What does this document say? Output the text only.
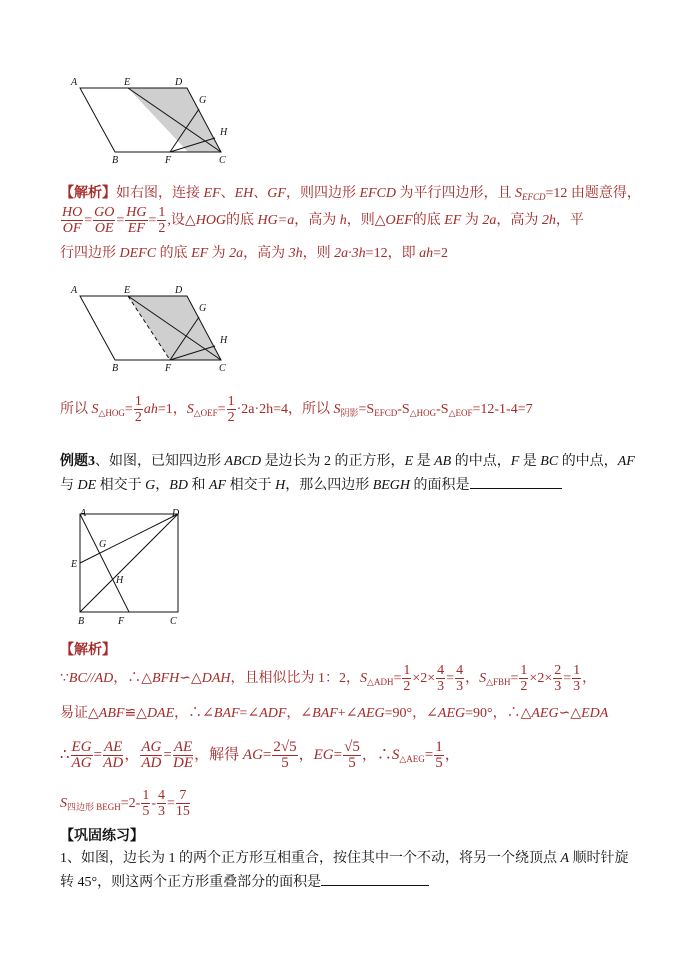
A	E	D
G
H
B	F	C
【解析】如右图，连接 EF、EH、GF，则四边形 EFCD 为平行四边形，且 $S_{EFCD}=12$ 由题意得，
$\frac{HO}{OF} = \frac{GO}{OE} = \frac{HG}{EF} = \frac{1}{2}$ ,设△HOG的底 HG=a，高为 h，则△OEF的底 EF 为 2a，高为 2h，平
行四边形 DEFC 的底 EF 为 2a，高为 3h，则 2a·3h=12，即 ah=2
A	E	D
G
H
B	F	C
所以 $S_{\triangle HOG}= \frac{1}{2} ah=1$，$S_{\triangle OEF}= \frac{1}{2} \cdot 2a\cdot 2h=4$，所以 $S_{阴影}=S_{EFCD}-S_{\triangle HOG}-S_{\triangle EOF}=12-1-4=7$
例题3、如图，已知四边形 ABCD 是边长为 2 的正方形，E 是 AB 的中点，F 是 BC 的中点，AF
与 DE 相交于 G，BD 和 AF 相交于 H，那么四边形 BEGH 的面积是
A	D
G
E
H
B	F	C
【解析】
∵BC//AD，∴△BFH∽△DAH，且相似比为 1：2，$S_{\triangle ADH}= \frac{1}{2} \times 2\times \frac{4}{3} = \frac{4}{3}$ ，$S_{\triangle FBH}= \frac{1}{2} \times 2\times \frac{2}{3} = \frac{1}{3}$ ，
易证△ABF≌△DAE，∴∠BAF=∠ADF，∠BAF+∠AEG=90°，∠AEG=90°，∴△AEG∽△EDA
∴ $\frac{EG}{AG} = \frac{AE}{AD}$ ， $\frac{AG}{AD} = \frac{AE}{DE}$ ，解得 $AG= \frac{2√5}{5}$ ，$EG= \frac{√5}{5}$ ，$\therefore S_{\triangle AEG}= \frac{1}{5}$ ，
$S_{四边形 BEGH}=2- \frac{1}{5} - \frac{4}{3} = \frac{7}{15}$
【巩固练习】
1、如图，边长为 1 的两个正方形互相重合，按住其中一个不动，将另一个绕顶点 A 顺时针旋
转 45°，则这两个正方形重叠部分的面积是
